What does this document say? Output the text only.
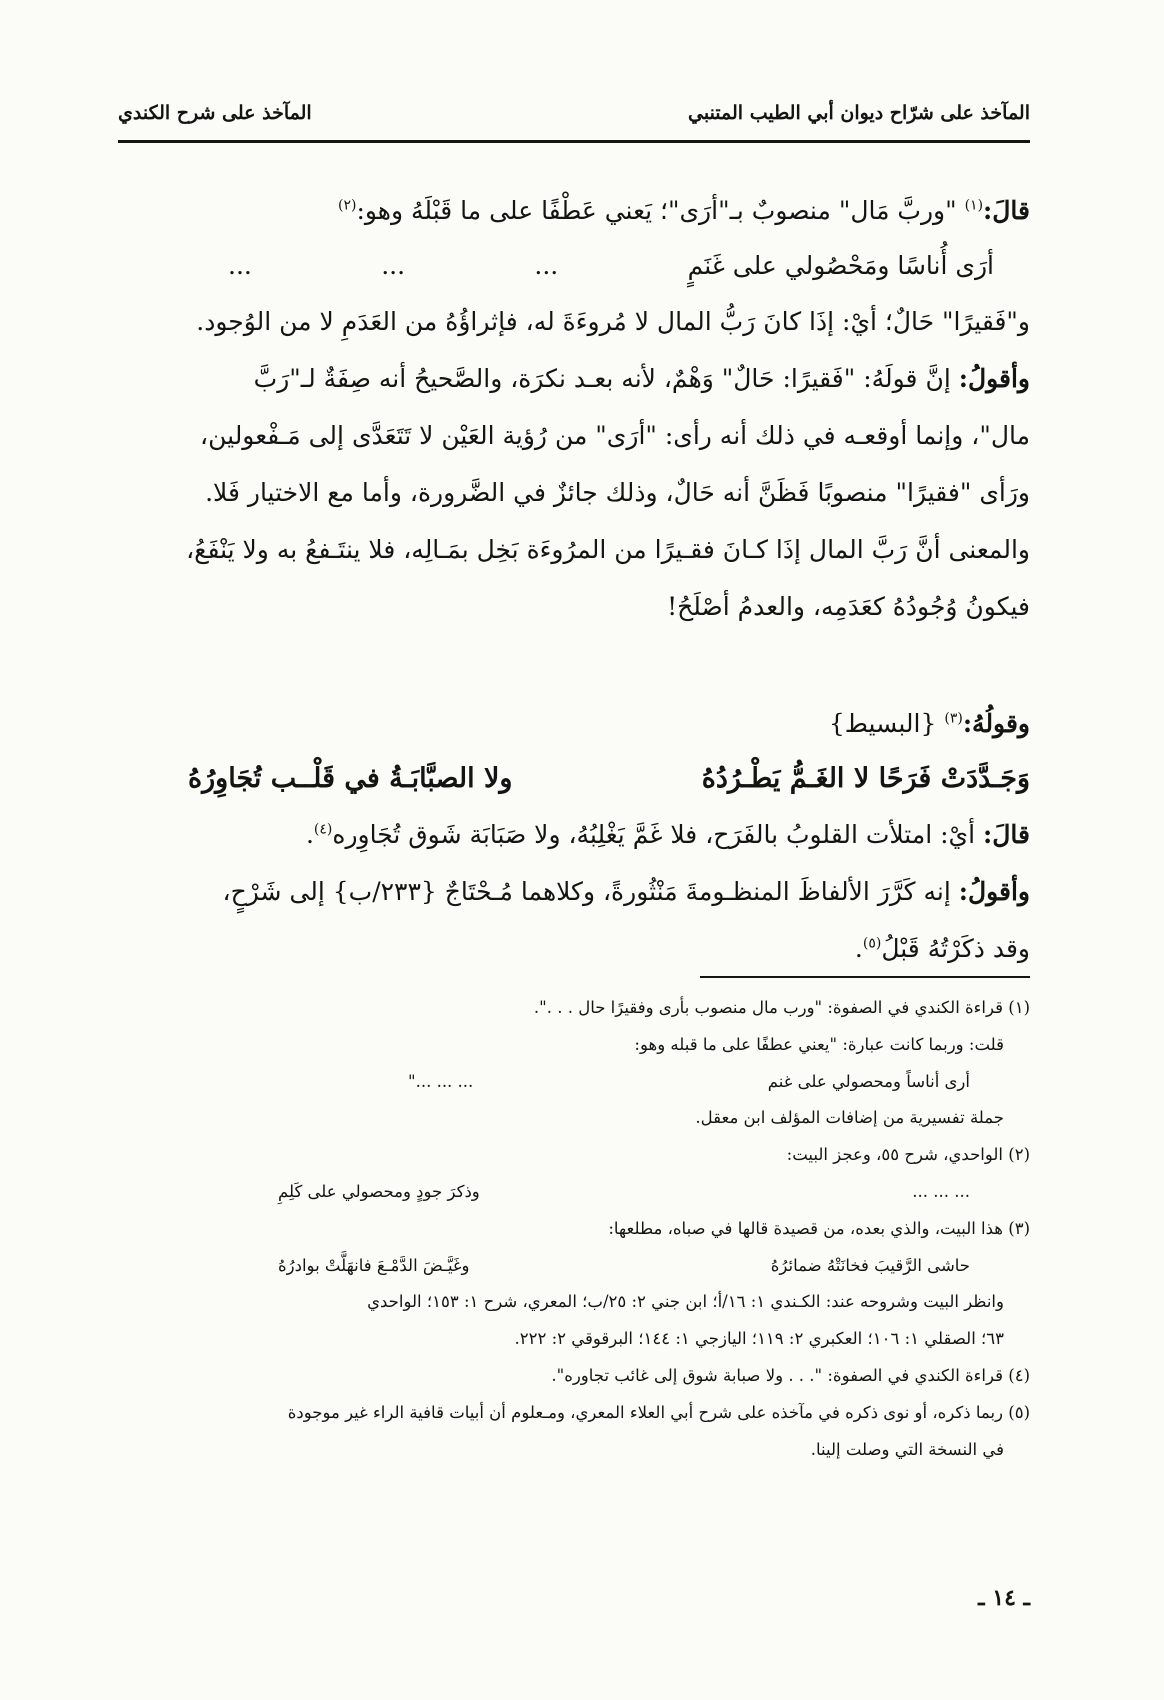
المآخذ على شرّاح ديوان أبي الطيب المتنبي
المآخذ على شرح الكندي
قالَ:$^{(١)}$ "وربَّ مَال" منصوبٌ بـ"أرَى"؛ يَعني عَطْفًا على ما قَبْلَهُ وهو:$^{(٢)}$
أرَى أُناسًا ومَحْصُولي على غَنَمٍ
...
...
...
و"فَقيرًا" حَالٌ؛ أيْ: إذَا كانَ رَبُّ المال لا مُروءَةَ له، فإثراؤُهُ من العَدَمِ لا من الوُجود.
وأقولُ: إنَّ قولَهُ: "فَقيرًا: حَالٌ" وَهْمٌ، لأنه بعـد نكرَة، والصَّحيحُ أنه صِفَةٌ لـ"رَبَّ
مال"، وإنما أوقعـه في ذلك أنه رأى: "أرَى" من رُؤية العَيْن لا تَتَعَدَّى إلى مَـفْعولين،
ورَأى "فقيرًا" منصوبًا فَظَنَّ أنه حَالٌ، وذلك جائزٌ في الضَّرورة، وأما مع الاختيار فَلا.
والمعنى أنَّ رَبَّ المال إذَا كـانَ فقـيرًا من المرُوءَة بَخِل بمَـالِه، فلا ينتَـفعُ به ولا يَنْفَعُ،
فيكونُ وُجُودُهُ كعَدَمِه، والعدمُ أصْلَحُ!
وقولُهُ:$^{(٣)}$ {البسيط}
وَجَـدَّدَتْ فَرَحًا لا الغَـمُّ يَطْـرُدُهُ
ولا الصبَّابَـةُ في قَلْــب تُجَاوِرُهُ
قالَ: أيْ: امتلأت القلوبُ بالفَرَح، فلا غَمَّ يَغْلِبُهُ، ولا صَبَابَة شَوق تُجَاوِره$^{(٤)}$.
وأقولُ: إنه كَرَّرَ الألفاظَ المنظـومةَ مَنْثُورةً، وكلاهما مُـحْتَاجٌ {٢٣٣/ب} إلى شَرْحٍ،
وقد ذكَرْتُهُ قَبْلُ$^{(٥)}$.
(١) قراءة الكندي في الصفوة: "ورب مال منصوب بأرى وفقيرًا حال . . .".
قلت: وربما كانت عبارة: "يعني عطفًا على ما قبله وهو:
أرى أناساً ومحصولي على غنم
... ... ..."
جملة تفسيرية من إضافات المؤلف ابن معقل.
(٢) الواحدي، شرح ٥٥، وعجز البيت:
... ... ...
وذكرَ جودٍ ومحصولي على كَلِمِ
(٣) هذا البيت، والذي بعده، من قصيدة قالها في صباه، مطلعها:
حاشى الرَّقيبَ فخانَتْهُ ضمائرُهُ
وغَيَّـضَ الدَّمْـعَ فانهَلَّتْ بوادرُهُ
وانظر البيت وشروحه عند: الكـندي ١: ١٦/أ؛ ابن جني ٢: ٢٥/ب؛ المعري، شرح ١: ١٥٣؛ الواحدي
٦٣؛ الصقلي ١: ١٠٦؛ العكبري ٢: ١١٩؛ اليازجي ١: ١٤٤؛ البرقوقي ٢: ٢٢٢.
(٤) قراءة الكندي في الصفوة: ". . . ولا صبابة شوق إلى غائب تجاوره".
(٥) ربما ذكره، أو نوى ذكره في مآخذه على شرح أبي العلاء المعري، ومـعلوم أن أبيات قافية الراء غير موجودة
في النسخة التي وصلت إلينا.
ـ ١٤ ـ
